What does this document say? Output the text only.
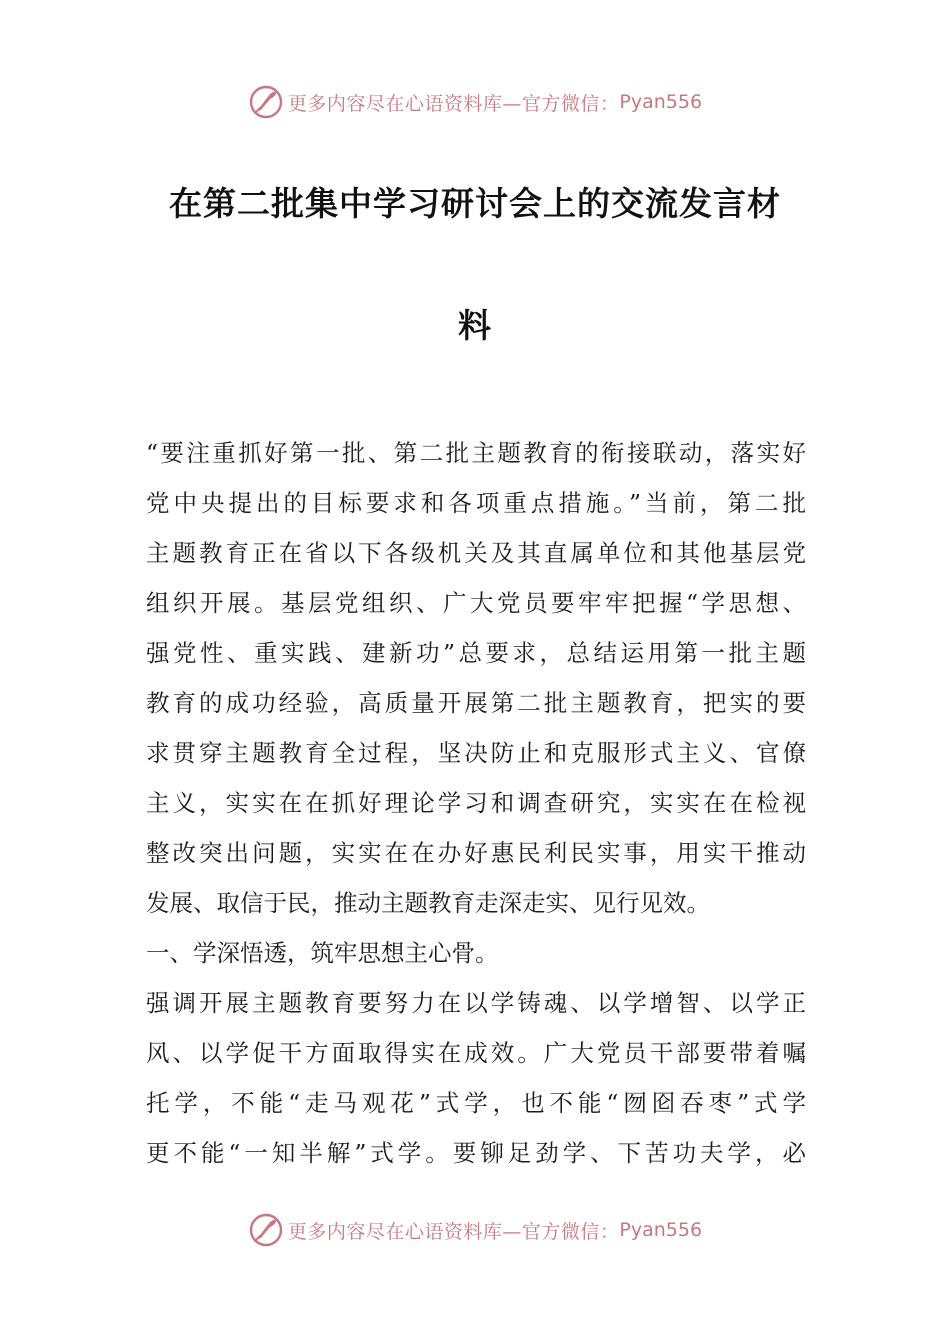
更多内容尽在心语资料库—官方微信： Pyan556
在第二批集中学习研讨会上的交流发言材
料
“要注重抓好第一批、第二批主题教育的衔接联动，落实好
党中央提出的目标要求和各项重点措施。”当前，第二批
主题教育正在省以下各级机关及其直属单位和其他基层党
组织开展。基层党组织、广大党员要牢牢把握“学思想、
强党性、重实践、建新功”总要求，总结运用第一批主题
教育的成功经验，高质量开展第二批主题教育，把实的要
求贯穿主题教育全过程，坚决防止和克服形式主义、官僚
主义，实实在在抓好理论学习和调查研究，实实在在检视
整改突出问题，实实在在办好惠民利民实事，用实干推动
发展、取信于民，推动主题教育走深走实、见行见效。
一、学深悟透，筑牢思想主心骨。
强调开展主题教育要努力在以学铸魂、以学增智、以学正
风、以学促干方面取得实在成效。广大党员干部要带着嘱
托学，不能“走马观花”式学，也不能“囫囵吞枣”式学
更不能“一知半解”式学。要铆足劲学、下苦功夫学，必
更多内容尽在心语资料库—官方微信： Pyan556
